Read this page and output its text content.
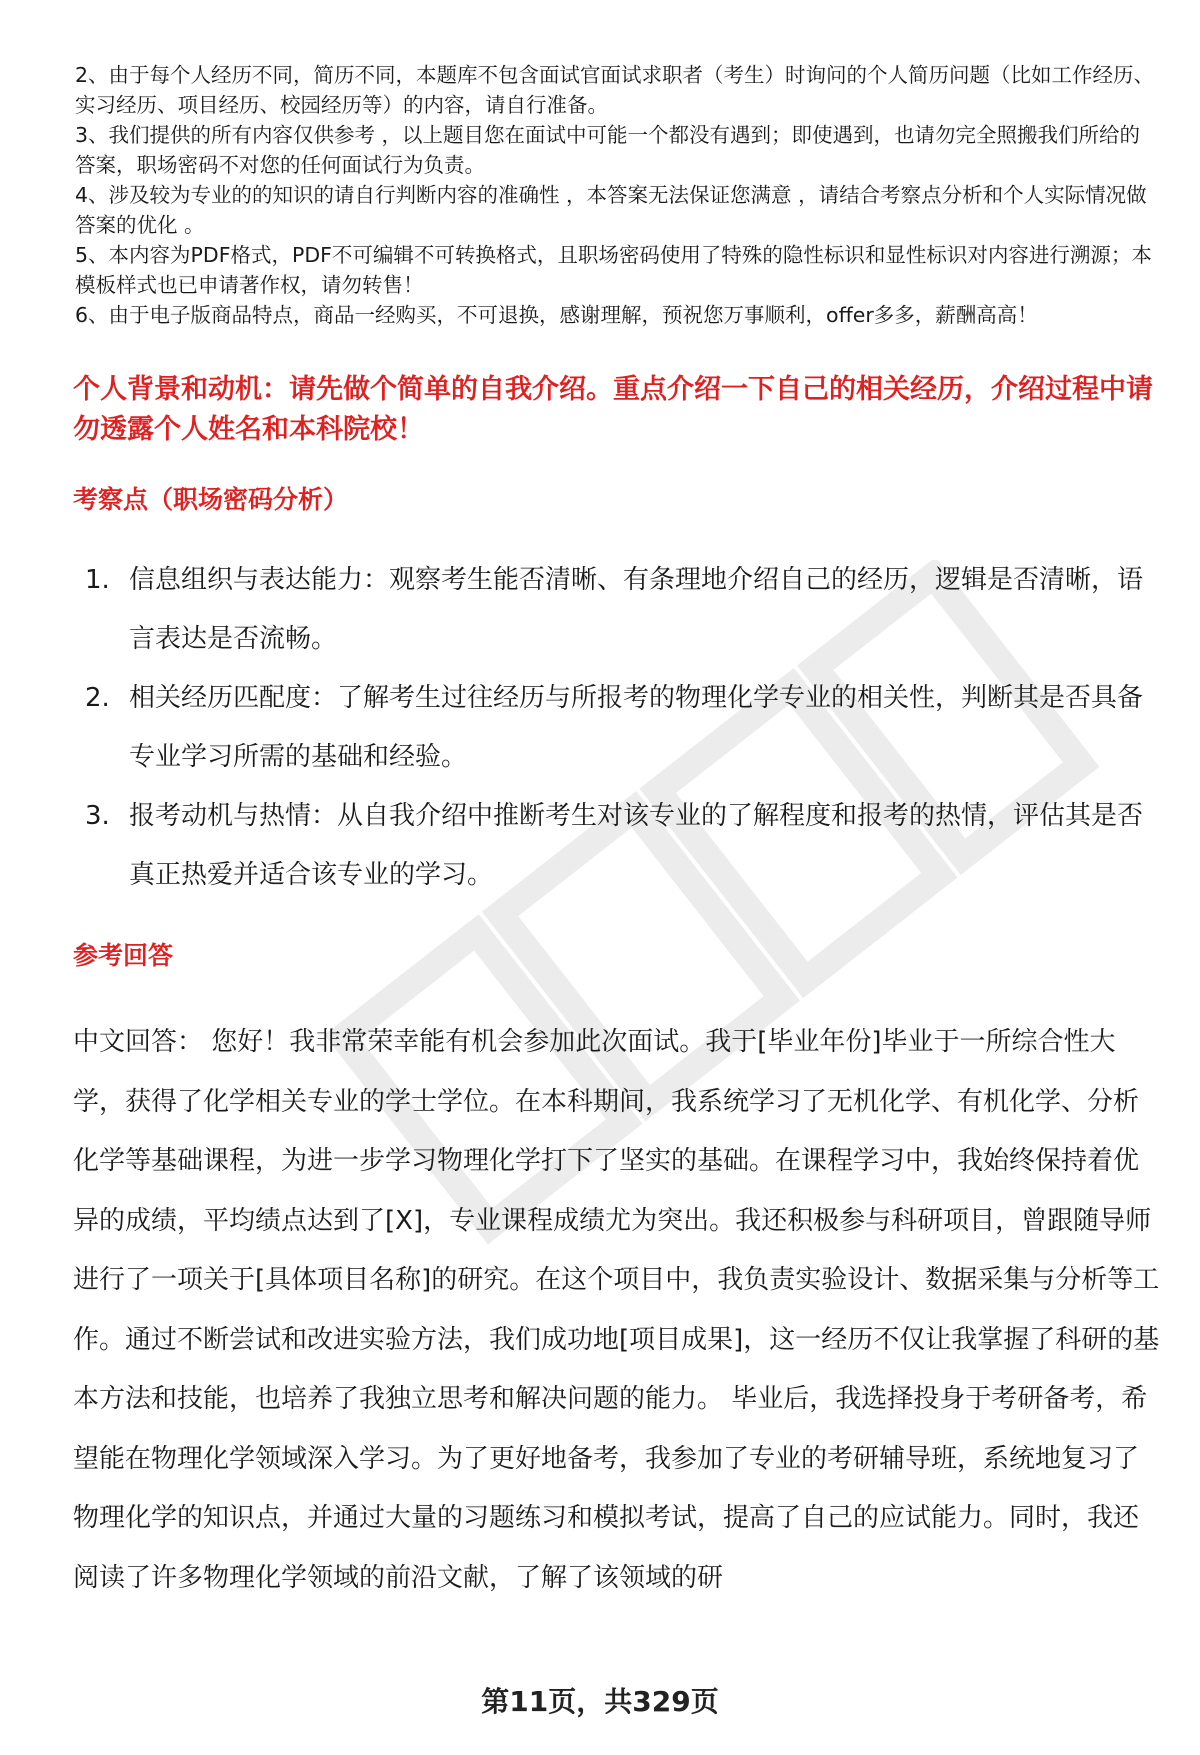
2、由于每个人经历不同，简历不同，本题库不包含面试官面试求职者（考生）时询问的个人简历问题（比如工作经历、实习经历、项目经历、校园经历等）的内容，请自行准备。

3、我们提供的所有内容仅供参考 ，以上题目您在面试中可能一个都没有遇到；即使遇到，也请勿完全照搬我们所给的答案，职场密码不对您的任何面试行为负责。

4、涉及较为专业的的知识的请自行判断内容的准确性 ，本答案无法保证您满意 ，请结合考察点分析和个人实际情况做答案的优化 。

5、本内容为PDF格式，PDF不可编辑不可转换格式，且职场密码使用了特殊的隐性标识和显性标识对内容进行溯源；本模板样式也已申请著作权，请勿转售！

6、由于电子版商品特点，商品一经购买，不可退换，感谢理解，预祝您万事顺利，offer多多，薪酬高高！

个人背景和动机：请先做个简单的自我介绍。重点介绍一下自己的相关经历，介绍过程中请勿透露个人姓名和本科院校！
考察点（职场密码分析）
1. 信息组织与表达能力：观察考生能否清晰、有条理地介绍自己的经历，逻辑是否清晰，语言表达是否流畅。
2. 相关经历匹配度：了解考生过往经历与所报考的物理化学专业的相关性，判断其是否具备专业学习所需的基础和经验。
3. 报考动机与热情：从自我介绍中推断考生对该专业的了解程度和报考的热情，评估其是否真正热爱并适合该专业的学习。
参考回答

中文回答： 您好！我非常荣幸能有机会参加此次面试。我于[毕业年份]毕业于一所综合性大学，获得了化学相关专业的学士学位。在本科期间，我系统学习了无机化学、有机化学、分析化学等基础课程，为进一步学习物理化学打下了坚实的基础。在课程学习中，我始终保持着优异的成绩，平均绩点达到了[X]，专业课程成绩尤为突出。我还积极参与科研项目，曾跟随导师进行了一项关于[具体项目名称]的研究。在这个项目中，我负责实验设计、数据采集与分析等工作。通过不断尝试和改进实验方法，我们成功地[项目成果]，这一经历不仅让我掌握了科研的基本方法和技能，也培养了我独立思考和解决问题的能力。 毕业后，我选择投身于考研备考，希望能在物理化学领域深入学习。为了更好地备考，我参加了专业的考研辅导班，系统地复习了物理化学的知识点，并通过大量的习题练习和模拟考试，提高了自己的应试能力。同时，我还阅读了许多物理化学领域的前沿文献，了解了该领域的研

第11页，共329页
